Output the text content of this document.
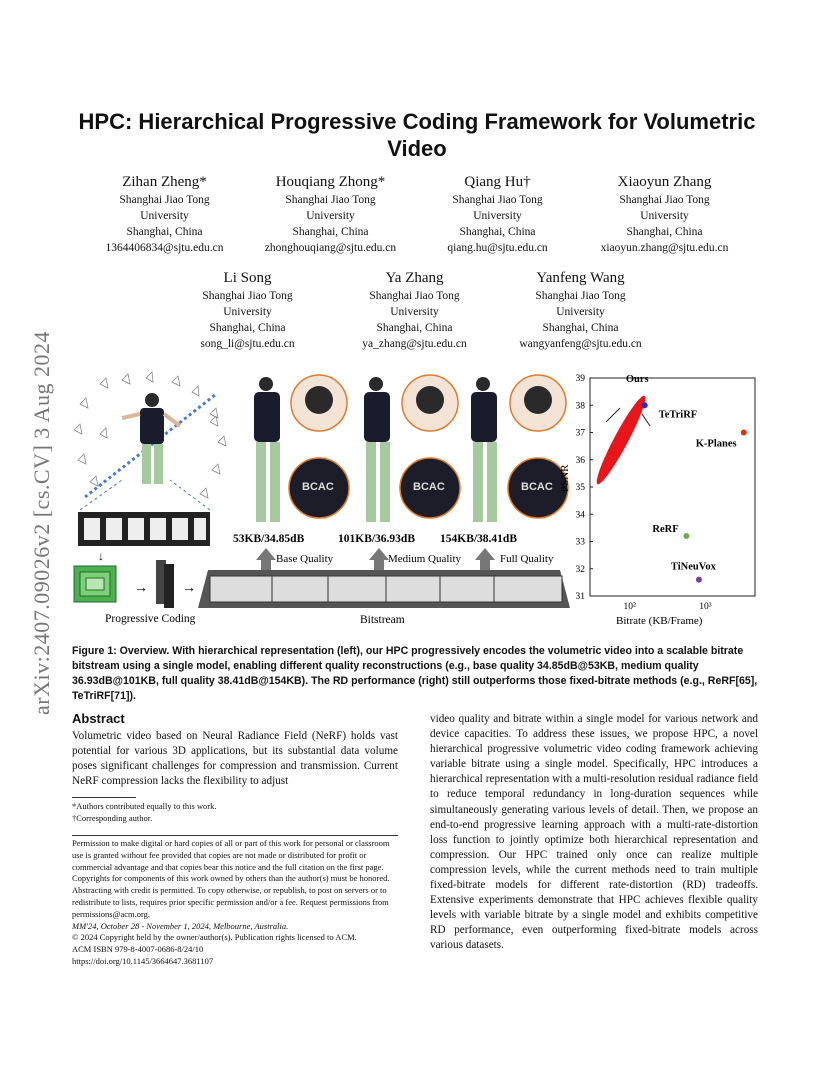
arXiv:2407.09026v2 [cs.CV] 3 Aug 2024
HPC: Hierarchical Progressive Coding Framework for Volumetric Video
Zihan Zheng*
Shanghai Jiao Tong
University
Shanghai, China
1364406834@sjtu.edu.cn
Houqiang Zhong*
Shanghai Jiao Tong
University
Shanghai, China
zhonghouqiang@sjtu.edu.cn
Qiang Hu†
Shanghai Jiao Tong
University
Shanghai, China
qiang.hu@sjtu.edu.cn
Xiaoyun Zhang
Shanghai Jiao Tong
University
Shanghai, China
xiaoyun.zhang@sjtu.edu.cn
Li Song
Shanghai Jiao Tong
University
Shanghai, China
song_li@sjtu.edu.cn
Ya Zhang
Shanghai Jiao Tong
University
Shanghai, China
ya_zhang@sjtu.edu.cn
Yanfeng Wang
Shanghai Jiao Tong
University
Shanghai, China
wangyanfeng@sjtu.edu.cn
↓
→ →
Progressive Coding
BCAC	BCAC	BCAC
53KB/34.85dB	101KB/36.93dB 154KB/38.41dB
Base Quality	Medium Quality	Full Quality
Bitstream
31
32
33
34
35
36
37
38
39
10²	10³
PSNR
Bitrate (KB/Frame)
Ours
TeTriRF
K-Planes
ReRF
TiNeuVox
Figure 1: Overview. With hierarchical representation (left), our HPC progressively encodes the volumetric video into a scalable bitrate bitstream using a single model, enabling different quality reconstructions (e.g., base quality 34.85dB@53KB, medium quality 36.93dB@101KB, full quality 38.41dB@154KB). The RD performance (right) still outperforms those fixed-bitrate methods (e.g., ReRF[65], TeTriRF[71]).
Abstract
Volumetric video based on Neural Radiance Field (NeRF) holds vast potential for various 3D applications, but its substantial data volume poses significant challenges for compression and transmission. Current NeRF compression lacks the flexibility to adjust
*Authors contributed equally to this work.
†Corresponding author.
Permission to make digital or hard copies of all or part of this work for personal or classroom use is granted without fee provided that copies are not made or distributed for profit or commercial advantage and that copies bear this notice and the full citation on the first page. Copyrights for components of this work owned by others than the author(s) must be honored. Abstracting with credit is permitted. To copy otherwise, or republish, to post on servers or to redistribute to lists, requires prior specific permission and/or a fee. Request permissions from permissions@acm.org.
MM'24, October 28 - November 1, 2024, Melbourne, Australia.
© 2024 Copyright held by the owner/author(s). Publication rights licensed to ACM.
ACM ISBN 979-8-4007-0686-8/24/10
https://doi.org/10.1145/3664647.3681107
video quality and bitrate within a single model for various network and device capacities. To address these issues, we propose HPC, a novel hierarchical progressive volumetric video coding framework achieving variable bitrate using a single model. Specifically, HPC introduces a hierarchical representation with a multi-resolution residual radiance field to reduce temporal redundancy in long-duration sequences while simultaneously generating various levels of detail. Then, we propose an end-to-end progressive learning approach with a multi-rate-distortion loss function to jointly optimize both hierarchical representation and compression. Our HPC trained only once can realize multiple compression levels, while the current methods need to train multiple fixed-bitrate models for different rate-distortion (RD) tradeoffs. Extensive experiments demonstrate that HPC achieves flexible quality levels with variable bitrate by a single model and exhibits competitive RD performance, even outperforming fixed-bitrate models across various datasets.
